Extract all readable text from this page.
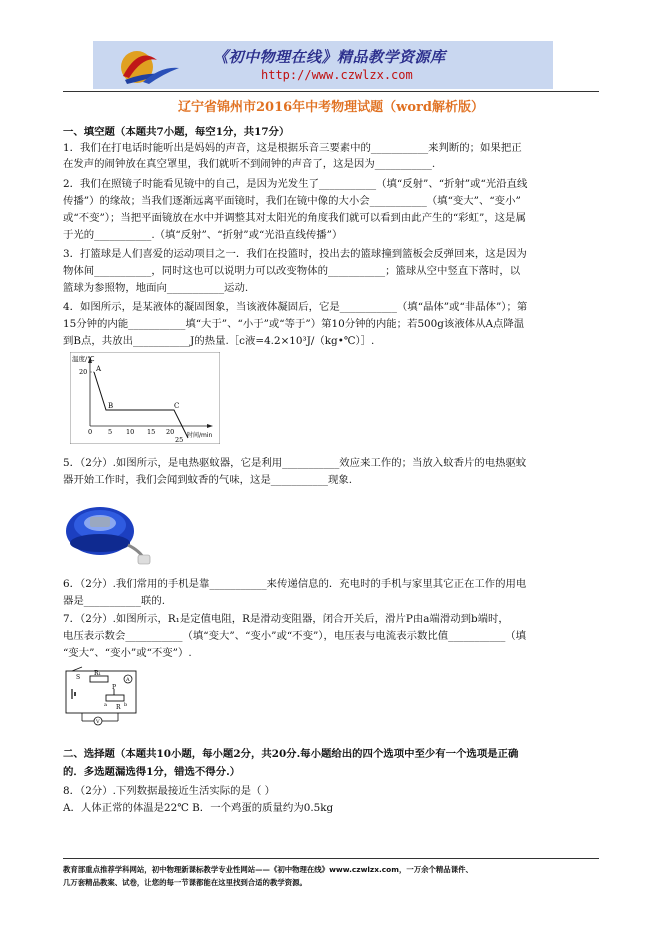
《初中物理在线》精品教学资源库
http://www.czwlzx.com
辽宁省锦州市2016年中考物理试题（word解析版）
一、填空题（本题共7小题，每空1分，共17分）
1．我们在打电话时能听出是妈妈的声音，这是根据乐音三要素中的___________来判断的；如果把正
在发声的闹钟放在真空罩里，我们就听不到闹钟的声音了，这是因为___________.
2．我们在照镜子时能看见镜中的自己，是因为光发生了___________（填“反射”、“折射”或“光沿直线
传播”）的缘故；当我们逐渐远离平面镜时，我们在镜中像的大小会___________（填“变大”、“变小”
或“不变”）；当把平面镜放在水中并调整其对太阳光的角度我们就可以看到由此产生的“彩虹”，这是属
于光的___________.（填“反射”、“折射”或“光沿直线传播”）
3．打篮球是人们喜爱的运动项目之一．我们在投篮时，投出去的篮球撞到篮板会反弹回来，这是因为
物体间___________，同时这也可以说明力可以改变物体的___________；篮球从空中竖直下落时，以
篮球为参照物，地面向___________运动.
4．如图所示，是某液体的凝固图象，当该液体凝固后，它是___________（填“晶体”或“非晶体”）；第
15分钟的内能___________填“大于”、“小于”或“等于”）第10分钟的内能；若500g该液体从A点降温
到B点，共放出___________J的热量.［c液=4.2×10³J/（kg•℃）］.
温度/℃
时间/min
20
0 5 10 15 20
25
A
B	C
5．（2分）.如图所示，是电热驱蚊器，它是利用___________效应来工作的；当放入蚊香片的电热驱蚊
器开始工作时，我们会闻到蚊香的气味，这是___________现象.
6．（2分）.我们常用的手机是靠___________来传递信息的．充电时的手机与家里其它正在工作的用电
器是___________联的.
7．（2分）.如图所示，R₁是定值电阻，R是滑动变阻器，闭合开关后，滑片P由a端滑动到b端时，
电压表示数会___________（填“变大”、“变小”或“不变”），电压表与电流表示数比值___________（填
“变大”、“变小”或“不变”）.
S
R₁
A
P
a	b
R
V
二、选择题（本题共10小题，每小题2分，共20分.每小题给出的四个选项中至少有一个选项是正确
的．多选题漏选得1分，错选不得分.）
8．（2分）.下列数据最接近生活实际的是（ ）
A．人体正常的体温是22℃ B．一个鸡蛋的质量约为0.5kg
教育部重点推荐学科网站，初中物理新课标教学专业性网站——《初中物理在线》www.czwlzx.com，一万余个精品课件、
几万套精品教案、试卷，让您的每一节课都能在这里找到合适的教学资源。
